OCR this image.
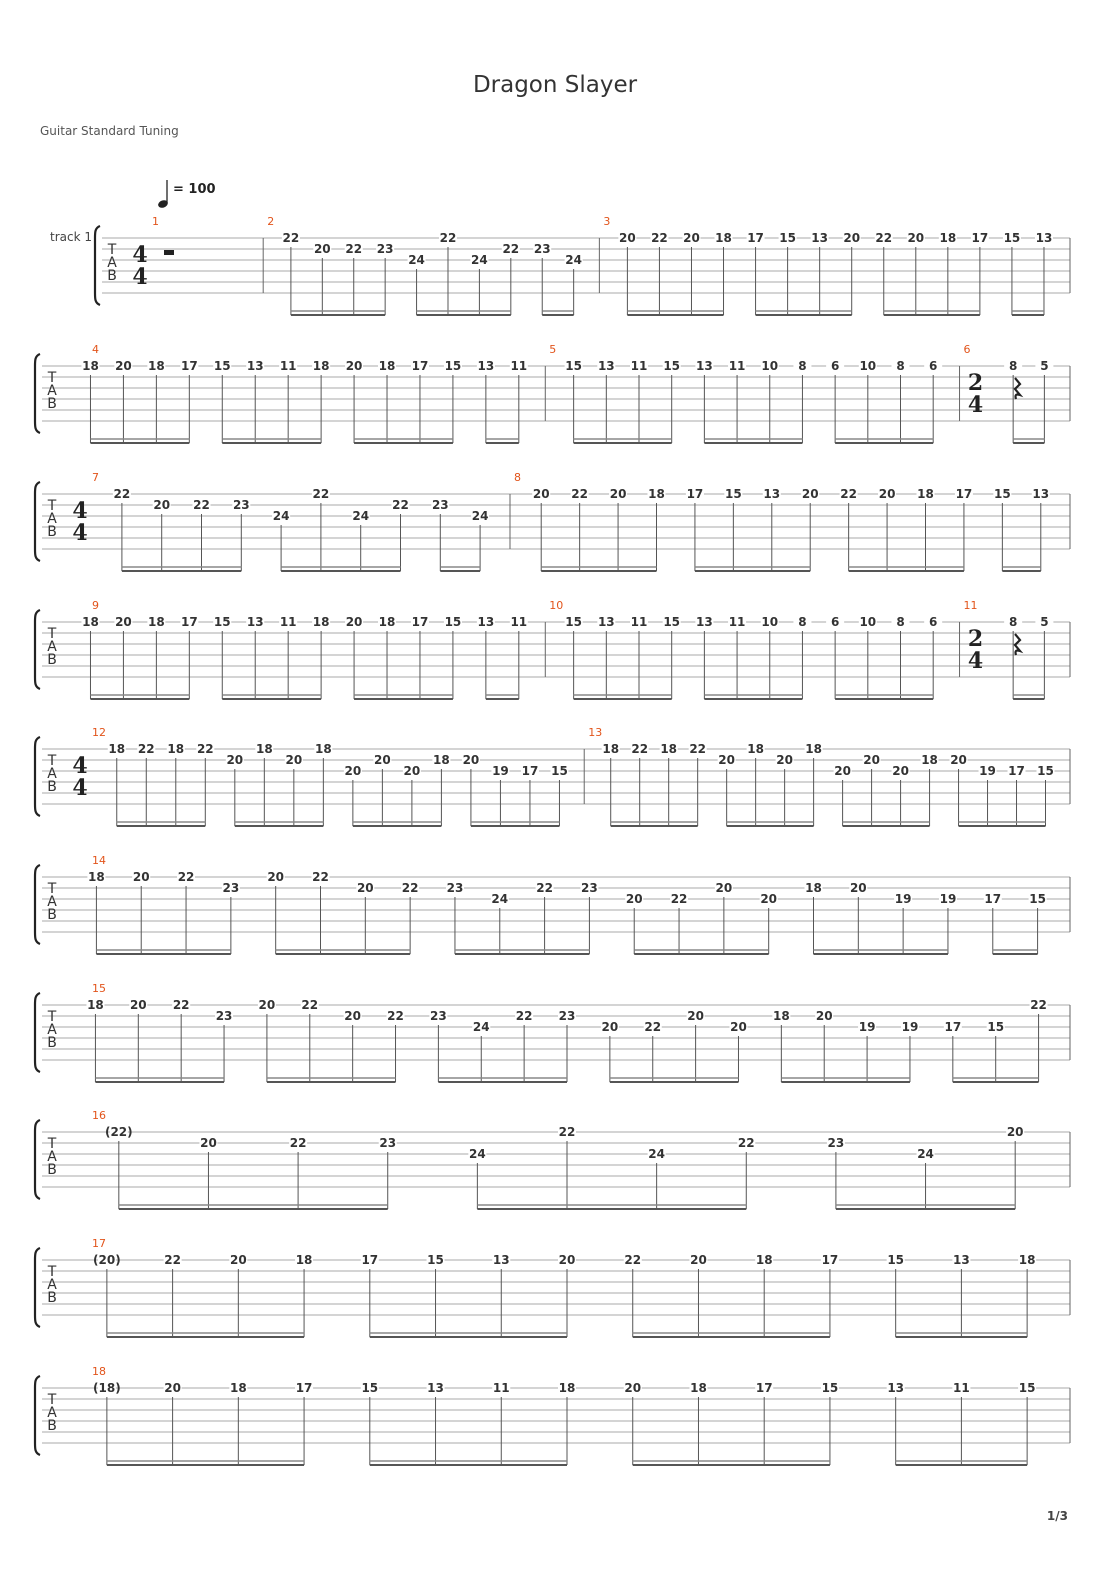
Dragon Slayer
Guitar Standard Tuning
= 100
track 1
T
A
B
1
4
4
2
22
20 22 23
24
22
24
22 23
24
3
20 22 20 18 17 15 13 20 22 20 18 17 15 13
T
A
B
4
18 20 18 17 15 13 11 18 20 18 17 15 13 11
5
15 13 11 15 13 11 10 8 6 10 8 6
6
2
4
8 5
T
A
B
7
4
4
22
20 22 23
24
22
24
22 23
24
8
20 22 20 18 17 15 13 20 22 20 18 17 15 13
T
A
B
9
18 20 18 17 15 13 11 18 20 18 17 15 13 11
10
15 13 11 15 13 11 10 8 6 10 8 6
11
2
4
8 5
T
A
B
12
4
4
18 22 18 22
20
18
20
18
20
20
20
18 20
19 17 15
13
18 22 18 22
20
18
20
18
20
20
20
18 20
19 17 15
T
A
B
14
18 20 22
23
20 22
20 22 23
24
22 23
20 22
20
20
18 20
19 19 17 15
T
A
B
15
18 20 22
23
20 22
20 22 23
24
22 23
20 22
20
20
18 20
19 19 17 15
22
T
A
B
16
(22)
20	22	23
24
22
24
22	23
24
20
T
A
B
17
(20)	22	20	18	17	15	13	20	22	20	18	17	15	13	18
T
A
B
18
(18)	20	18	17	15	13	11	18	20	18	17	15	13	11	15
1/3
